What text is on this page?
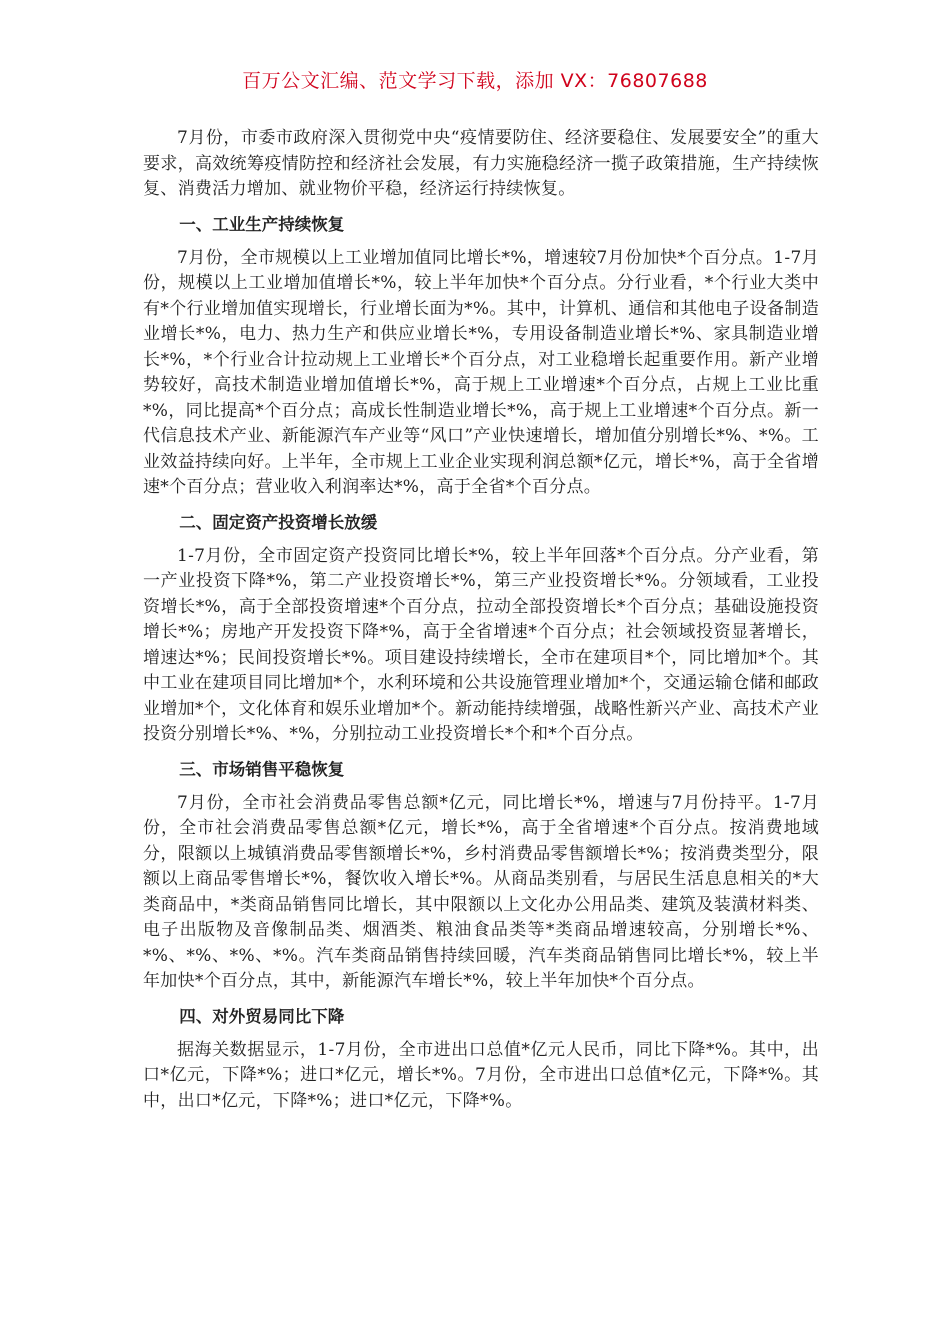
百万公文汇编、范文学习下载，添加 VX：76807688

7月份，市委市政府深入贯彻党中央“疫情要防住、经济要稳住、发展要安全”的重大要求，高效统筹疫情防控和经济社会发展，有力实施稳经济一揽子政策措施，生产持续恢复、消费活力增加、就业物价平稳，经济运行持续恢复。

一、工业生产持续恢复

7月份，全市规模以上工业增加值同比增长*%，增速较7月份加快*个百分点。1-7月份，规模以上工业增加值增长*%，较上半年加快*个百分点。分行业看，*个行业大类中有*个行业增加值实现增长，行业增长面为*%。其中，计算机、通信和其他电子设备制造业增长*%，电力、热力生产和供应业增长*%，专用设备制造业增长*%、家具制造业增长*%，*个行业合计拉动规上工业增长*个百分点，对工业稳增长起重要作用。新产业增势较好，高技术制造业增加值增长*%，高于规上工业增速*个百分点，占规上工业比重*%，同比提高*个百分点；高成长性制造业增长*%，高于规上工业增速*个百分点。新一代信息技术产业、新能源汽车产业等“风口”产业快速增长，增加值分别增长*%、*%。工业效益持续向好。上半年，全市规上工业企业实现利润总额*亿元，增长*%，高于全省增速*个百分点；营业收入利润率达*%，高于全省*个百分点。

二、固定资产投资增长放缓

1-7月份，全市固定资产投资同比增长*%，较上半年回落*个百分点。分产业看，第一产业投资下降*%，第二产业投资增长*%，第三产业投资增长*%。分领域看，工业投资增长*%，高于全部投资增速*个百分点，拉动全部投资增长*个百分点；基础设施投资增长*%；房地产开发投资下降*%，高于全省增速*个百分点；社会领域投资显著增长，增速达*%；民间投资增长*%。项目建设持续增长，全市在建项目*个，同比增加*个。其中工业在建项目同比增加*个，水利环境和公共设施管理业增加*个，交通运输仓储和邮政业增加*个，文化体育和娱乐业增加*个。新动能持续增强，战略性新兴产业、高技术产业投资分别增长*%、*%，分别拉动工业投资增长*个和*个百分点。

三、市场销售平稳恢复

7月份，全市社会消费品零售总额*亿元，同比增长*%，增速与7月份持平。1-7月份，全市社会消费品零售总额*亿元，增长*%，高于全省增速*个百分点。按消费地域分，限额以上城镇消费品零售额增长*%，乡村消费品零售额增长*%；按消费类型分，限额以上商品零售增长*%，餐饮收入增长*%。从商品类别看，与居民生活息息相关的*大类商品中，*类商品销售同比增长，其中限额以上文化办公用品类、建筑及装潢材料类、电子出版物及音像制品类、烟酒类、粮油食品类等*类商品增速较高，分别增长*%、*%、*%、*%、*%。汽车类商品销售持续回暖，汽车类商品销售同比增长*%，较上半年加快*个百分点，其中，新能源汽车增长*%，较上半年加快*个百分点。

四、对外贸易同比下降

据海关数据显示，1-7月份，全市进出口总值*亿元人民币，同比下降*%。其中，出口*亿元，下降*%；进口*亿元，增长*%。7月份，全市进出口总值*亿元，下降*%。其中，出口*亿元，下降*%；进口*亿元，下降*%。
